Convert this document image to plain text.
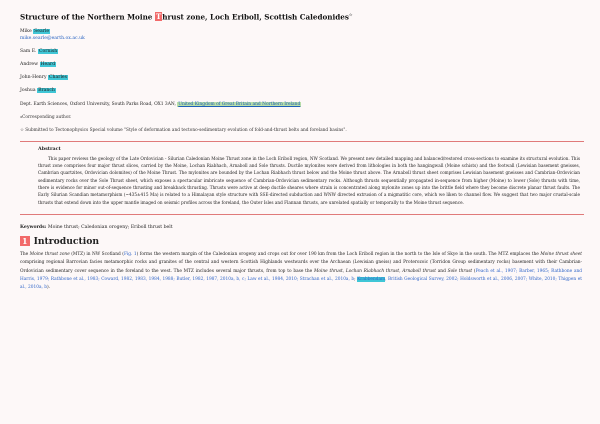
Structure of the Northern Moine Thrust zone, Loch Eriboll, Scottish Caledonides☆
Mike Searle
mike.searle@earth.ox.ac.uk
Sam E. Cornish
Andrew Heard
John-Henry Charles
Joshua Branch
Dept. Earth Sciences, Oxford University, South Parks Road, OX1 3AN, United Kingdom of Great Britain and Northern Ireland
⁎Corresponding author.
☆ Submitted to Tectonophysics Special volume "Style of deformation and tectono-sedimentary evolution of fold-and-thrust belts and foreland basins".
Abstract
This paper reviews the geology of the Late Ordovician - Silurian Caledonian Moine Thrust zone in the Loch Eriboll region, NW Scotland. We present new detailed mapping and balanced/restored cross-sections to examine its structural evolution. This thrust zone comprises four major thrust slices, carried by the Moine, Lochan Riabhach, Arnaboll and Sole thrusts. Ductile mylonites were derived from lithologies in both the hangingwall (Moine schists) and the footwall (Lewisian basement gneisses, Cambrian quartzites, Ordovician dolomites) of the Moine Thrust. The mylonites are bounded by the Lochan Riabhach thrust below and the Moine thrust above. The Arnaboll thrust sheet comprises Lewisian basement gneisses and Cambrian-Ordovician sedimentary rocks over the Sole Thrust sheet, which exposes a spectacular imbricate sequence of Cambrian-Ordovician sedimentary rocks. Although thrusts sequentially propagated in-sequence from higher (Moine) to lower (Sole) thrusts with time, there is evidence for minor out-of-sequence thrusting and breakback thrusting. Thrusts were active at deep ductile sheares where strain is concentrated along mylonite zones up into the brittle field where they become discrete planar thrust faults. The Early Silurian Scandian metamorphism (~435±415 Ma) is related to a Himalayan style structure with SSE-directed subduction and WNW directed extrusion of a migmatitic core, which we liken to channel flow. We suggest that two major crustal-scale thrusts that extend down into the upper mantle imaged on seismic profiles across the foreland, the Outer Isles and Flannan thrusts, are unrelated spatially or temporally to the Moine thrust sequence.
Keywords: Moine thrust; Caledonian orogeny; Eriboll thrust belt
1 Introduction
The Moine thrust zone (MTZ) in NW Scotland (Fig. 1) forms the western margin of the Caledonian orogeny and crops out for over 190 km from the Loch Eriboll region in the north to the Isle of Skye in the south. The MTZ emplaces the Moine thrust sheet comprising regional Barrovian facies metamorphic rocks and granites of the central and western Scottish Highlands westwards over the Archaean (Lewisian gneiss) and Proterozoic (Torridon Group sedimentary rocks) basement with their Cambrian-Ordovician sedimentary cover sequence in the foreland to the west. The MTZ includes several major thrusts, from top to base the Moine thrust, Lochan Riabhach thrust, Arnaboll thrust and Sole thrust (Peach et al., 1907; Barber, 1965; Rathbone and Harris, 1979; Rathbone et al., 1983; Coward, 1982, 1983, 1984, 1988; Butler, 1982, 1987, 2010a, b, c; Law et al., 1984, 2010; Strachan et al., 2010a, b; Krabbendam, British Geological Survey, 2002; Holdsworth et al., 2006, 2007; White, 2010; Thigpen et al., 2010a, b).
